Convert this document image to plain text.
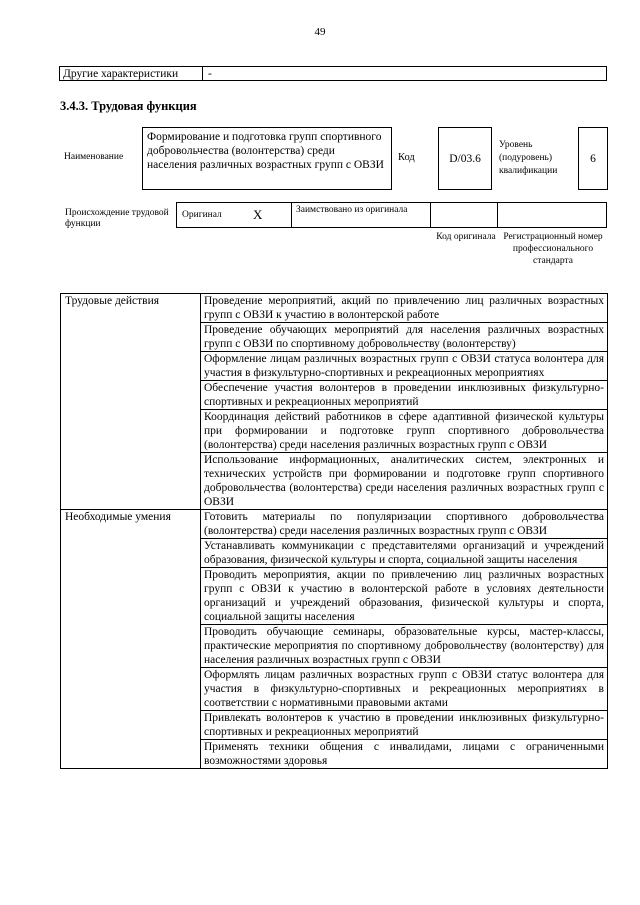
49
Другие характеристики	-
3.4.3. Трудовая функция
Наименование
Формирование и подготовка групп спортивного добровольчества (волонтерства) среди населения различных возрастных групп с ОВЗИ
Код	D/03.6
Уровень (подуровень) квалификации
6
Происхождение трудовой функции
Оригинал X	Заимствовано из оригинала
Код оригинала Регистрационный номер профессионального стандарта
Трудовые действия	Проведение мероприятий, акций по привлечению лиц различных возрастных групп с ОВЗИ к участию в волонтерской работе
	Проведение обучающих мероприятий для населения различных возрастных групп с ОВЗИ по спортивному добровольчеству (волонтерству)
	Оформление лицам различных возрастных групп с ОВЗИ статуса волонтера для участия в физкультурно-спортивных и рекреационных мероприятиях
	Обеспечение участия волонтеров в проведении инклюзивных физкультурно-спортивных и рекреационных мероприятий
	Координация действий работников в сфере адаптивной физической культуры при формировании и подготовке групп спортивного добровольчества (волонтерства) среди населения различных возрастных групп с ОВЗИ
	Использование информационных, аналитических систем, электронных и технических устройств при формировании и подготовке групп спортивного добровольчества (волонтерства) среди населения различных возрастных групп с ОВЗИ
Необходимые умения	Готовить материалы по популяризации спортивного добровольчества (волонтерства) среди населения различных возрастных групп с ОВЗИ
	Устанавливать коммуникации с представителями организаций и учреждений образования, физической культуры и спорта, социальной защиты населения
	Проводить мероприятия, акции по привлечению лиц различных возрастных групп с ОВЗИ к участию в волонтерской работе в условиях деятельности организаций и учреждений образования, физической культуры и спорта, социальной защиты населения
	Проводить обучающие семинары, образовательные курсы, мастер-классы, практические мероприятия по спортивному добровольчеству (волонтерству) для населения различных возрастных групп с ОВЗИ
	Оформлять лицам различных возрастных групп с ОВЗИ статус волонтера для участия в физкультурно-спортивных и рекреационных мероприятиях в соответствии с нормативными правовыми актами
	Привлекать волонтеров к участию в проведении инклюзивных физкультурно-спортивных и рекреационных мероприятий
	Применять техники общения с инвалидами, лицами с ограниченными возможностями здоровья
